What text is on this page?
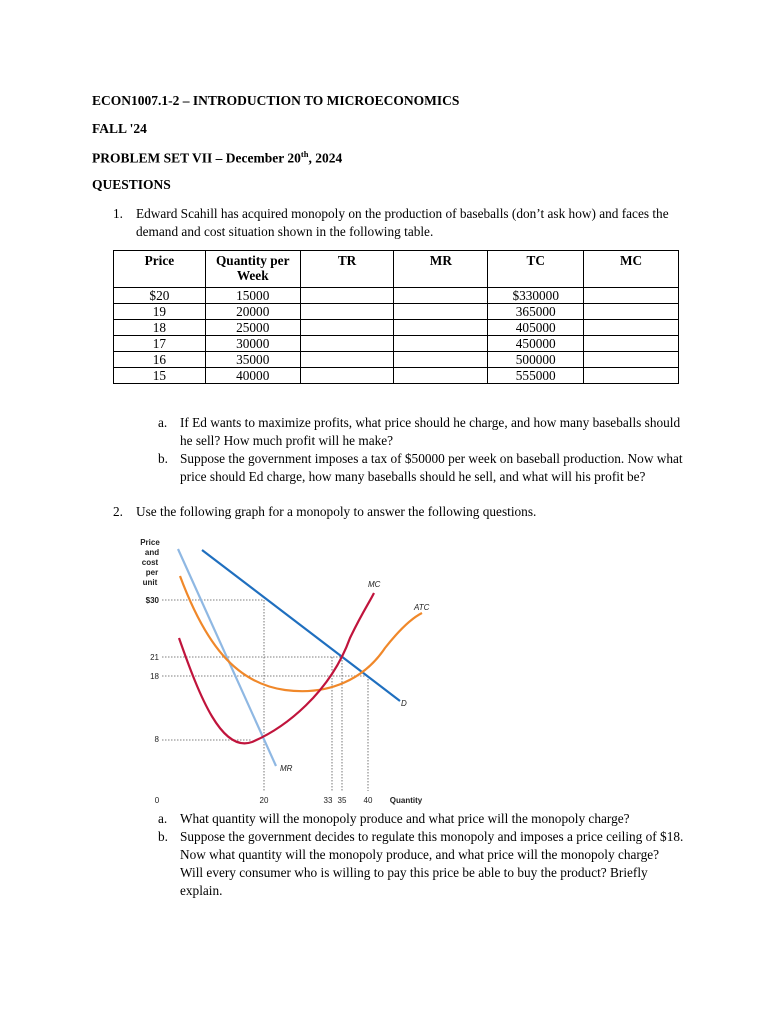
ECON1007.1-2 – INTRODUCTION TO MICROECONOMICS
FALL '24
PROBLEM SET VII – December 20th, 2024
QUESTIONS
1. Edward Scahill has acquired monopoly on the production of baseballs (don’t ask how) and faces the demand and cost situation shown in the following table.
Price	Quantity per Week	TR	MR	TC	MC
$20	15000			$330000	
19	20000			365000	
18	25000			405000	
17	30000			450000	
16	35000			500000	
15	40000			555000	
a. If Ed wants to maximize profits, what price should he charge, and how many baseballs should he sell? How much profit will he make?
b. Suppose the government imposes a tax of $50000 per week on baseball production. Now what price should Ed charge, how many baseballs should he sell, and what will his profit be?
2. Use the following graph for a monopoly to answer the following questions.
Price
and
cost
per
unit
$30
21
18
8
0	20	33 35 40 Quantity
MC
ATC
D
MR
a. What quantity will the monopoly produce and what price will the monopoly charge?
b. Suppose the government decides to regulate this monopoly and imposes a price ceiling of $18. Now what quantity will the monopoly produce, and what price will the monopoly charge? Will every consumer who is willing to pay this price be able to buy the product? Briefly explain.
